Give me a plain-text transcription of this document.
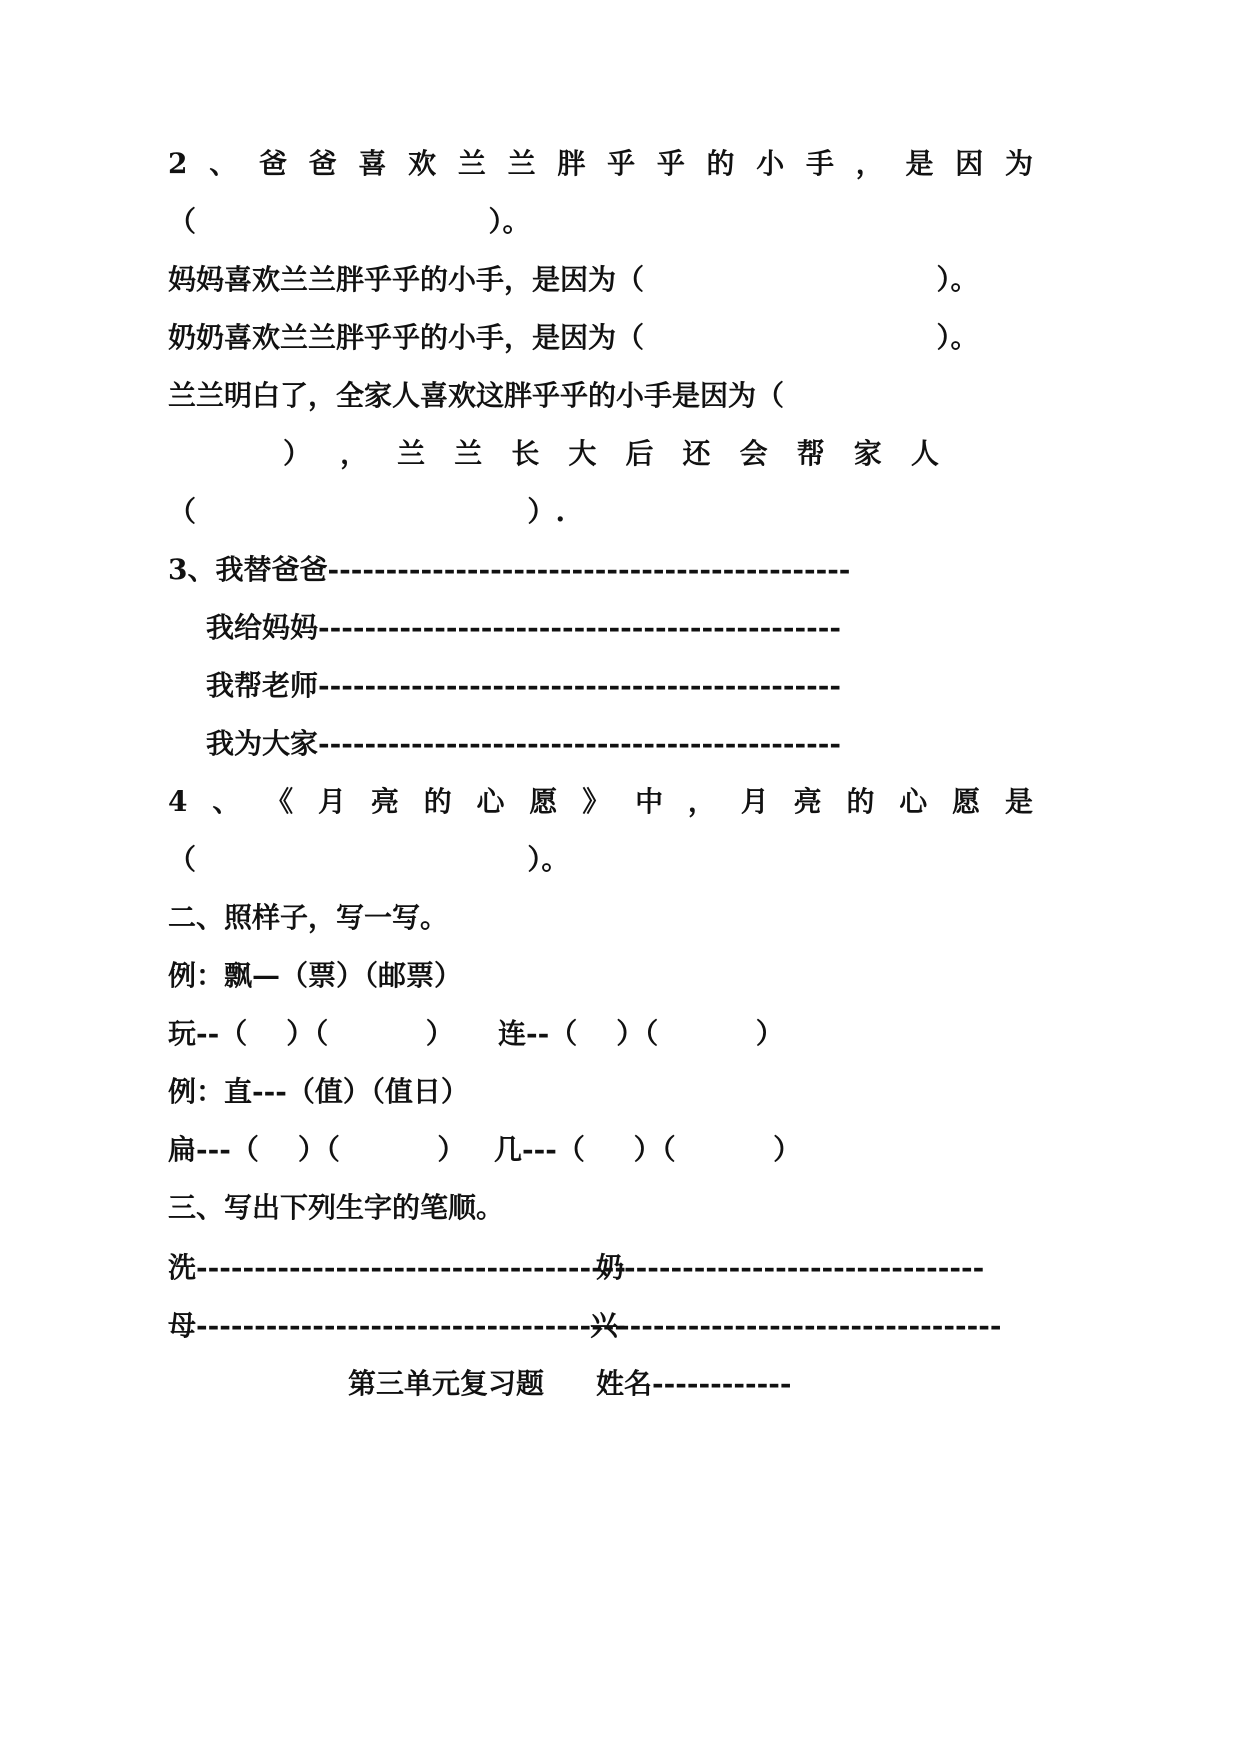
2 、 爸 爸 喜 欢 兰 兰 胖 乎 乎 的 小 手 ， 是 因 为
（                              ）。
妈妈喜欢兰兰胖乎乎的小手，是因为（                              ）。
奶奶喜欢兰兰胖乎乎的小手，是因为（                              ）。
兰兰明白了，全家人喜欢这胖乎乎的小手是因为（
） ， 兰 兰 长 大 后 还 会 帮 家 人
（                                  ）.
3、我替爸爸---------------------------------------------
我给妈妈---------------------------------------------
我帮老师---------------------------------------------
我为大家---------------------------------------------
4 、 《 月 亮 的 心 愿 》 中 ， 月 亮 的 心 愿 是
（                                  ）。
二、照样子，写一写。
例：飘—（票）（邮票）
玩--（    ）（          ） 连--（    ）（          ）
例：直---（值）（值日）
扁---（    ）（          ） 几---（     ）（          ）
三、写出下列生字的笔顺。
洗-------------------------------------
奶-------------------------------
母-------------------------------------
兴---------------------------------
第三单元复习题 姓名------------
